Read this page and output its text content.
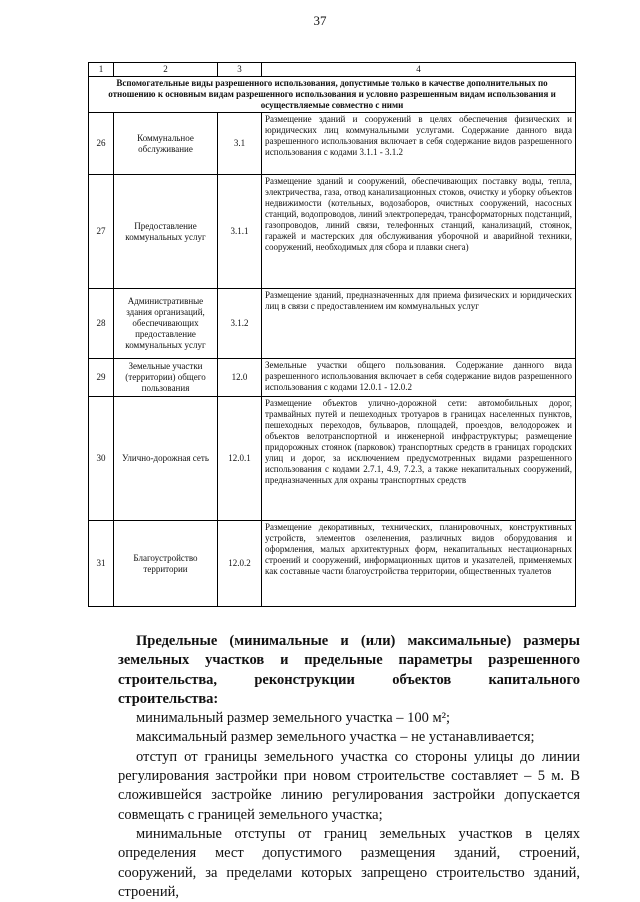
37
1	2	3	4
Вспомогательные виды разрешенного использования, допустимые только в качестве дополнительных по отношению к основным видам разрешенного использования и условно разрешенным видам использования и осуществляемые совместно с ними			
26	Коммунальное обслуживание	3.1	Размещение зданий и сооружений в целях обеспечения физических и юридических лиц коммунальными услугами. Содержание данного вида разрешенного использования включает в себя содержание видов разрешенного использования с кодами 3.1.1 - 3.1.2
27	Предоставление коммунальных услуг	3.1.1	Размещение зданий и сооружений, обеспечивающих поставку воды, тепла, электричества, газа, отвод канализационных стоков, очистку и уборку объектов недвижимости (котельных, водозаборов, очистных сооружений, насосных станций, водопроводов, линий электропередач, трансформаторных подстанций, газопроводов, линий связи, телефонных станций, канализаций, стоянок, гаражей и мастерских для обслуживания уборочной и аварийной техники, сооружений, необходимых для сбора и плавки снега)
28	Административные здания организаций, обеспечивающих предоставление коммунальных услуг	3.1.2	Размещение зданий, предназначенных для приема физических и юридических лиц в связи с предоставлением им коммунальных услуг
29	Земельные участки (территории) общего пользования	12.0	Земельные участки общего пользования. Содержание данного вида разрешенного использования включает в себя содержание видов разрешенного использования с кодами 12.0.1 - 12.0.2
30	Улично-дорожная сеть	12.0.1	Размещение объектов улично-дорожной сети: автомобильных дорог, трамвайных путей и пешеходных тротуаров в границах населенных пунктов, пешеходных переходов, бульваров, площадей, проездов, велодорожек и объектов велотранспортной и инженерной инфраструктуры; размещение придорожных стоянок (парковок) транспортных средств в границах городских улиц и дорог, за исключением предусмотренных видами разрешенного использования с кодами 2.7.1, 4.9, 7.2.3, а также некапитальных сооружений, предназначенных для охраны транспортных средств
31	Благоустройство территории	12.0.2	Размещение декоративных, технических, планировочных, конструктивных устройств, элементов озеленения, различных видов оборудования и оформления, малых архитектурных форм, некапитальных нестационарных строений и сооружений, информационных щитов и указателей, применяемых как составные части благоустройства территории, общественных туалетов

Предельные (минимальные и (или) максимальные) размеры земельных участков и предельные параметры разрешенного строительства, реконструкции объектов капитального строительства:

минимальный размер земельного участка – 100 м²;

максимальный размер земельного участка – не устанавливается;

отступ от границы земельного участка со стороны улицы до линии регулирования застройки при новом строительстве составляет – 5 м. В сложившейся застройке линию регулирования застройки допускается совмещать с границей земельного участка;

минимальные отступы от границ земельных участков в целях определения мест допустимого размещения зданий, строений, сооружений, за пределами которых запрещено строительство зданий, строений,
